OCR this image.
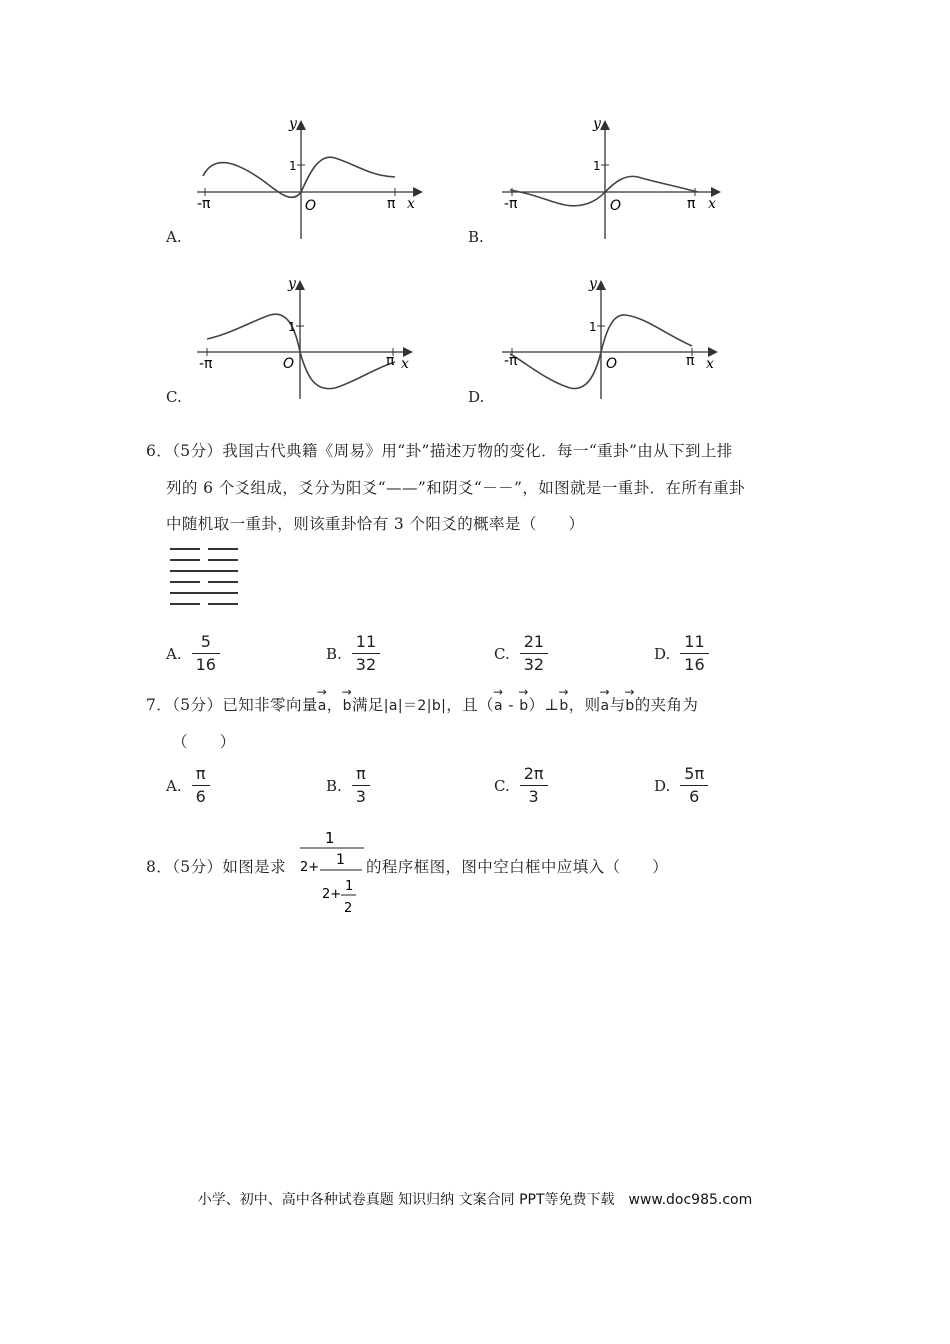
-π	π
1
O	x
y
A.
-π	π
1
O	x
y
B.
-π	π
1
O	x
y
C.
-π	π
1
O	x
y
D.
6．（5分）我国古代典籍《周易》用“卦”描述万物的变化．每一“重卦”由从下到上排
列的 6 个爻组成，爻分为阳爻“——”和阴爻“－－”，如图就是一重卦．在所有重卦
中随机取一重卦，则该重卦恰有 3 个阳爻的概率是（　　）
A. $\frac{5}{16}$	B. $\frac{11}{32}$	C. $\frac{21}{32}$	D. $\frac{11}{16}$
7．（5分）已知非零向量→ a，→ b满足|a|＝2|b|，且（→ a - → b）⊥→ b，则→ a与→ b的夹角为
（　　）
A. $\frac{\pi}{6}$	B. $\frac{\pi}{3}$	C. $\frac{2\pi}{3}$	D. $\frac{5\pi}{6}$
8．（5分）如图是求
1
2+ 1
2+
1
2
的程序框图，图中空白框中应填入（　　）
小学、初中、高中各种试卷真题 知识归纳 文案合同 PPT等免费下载　www.doc985.com
